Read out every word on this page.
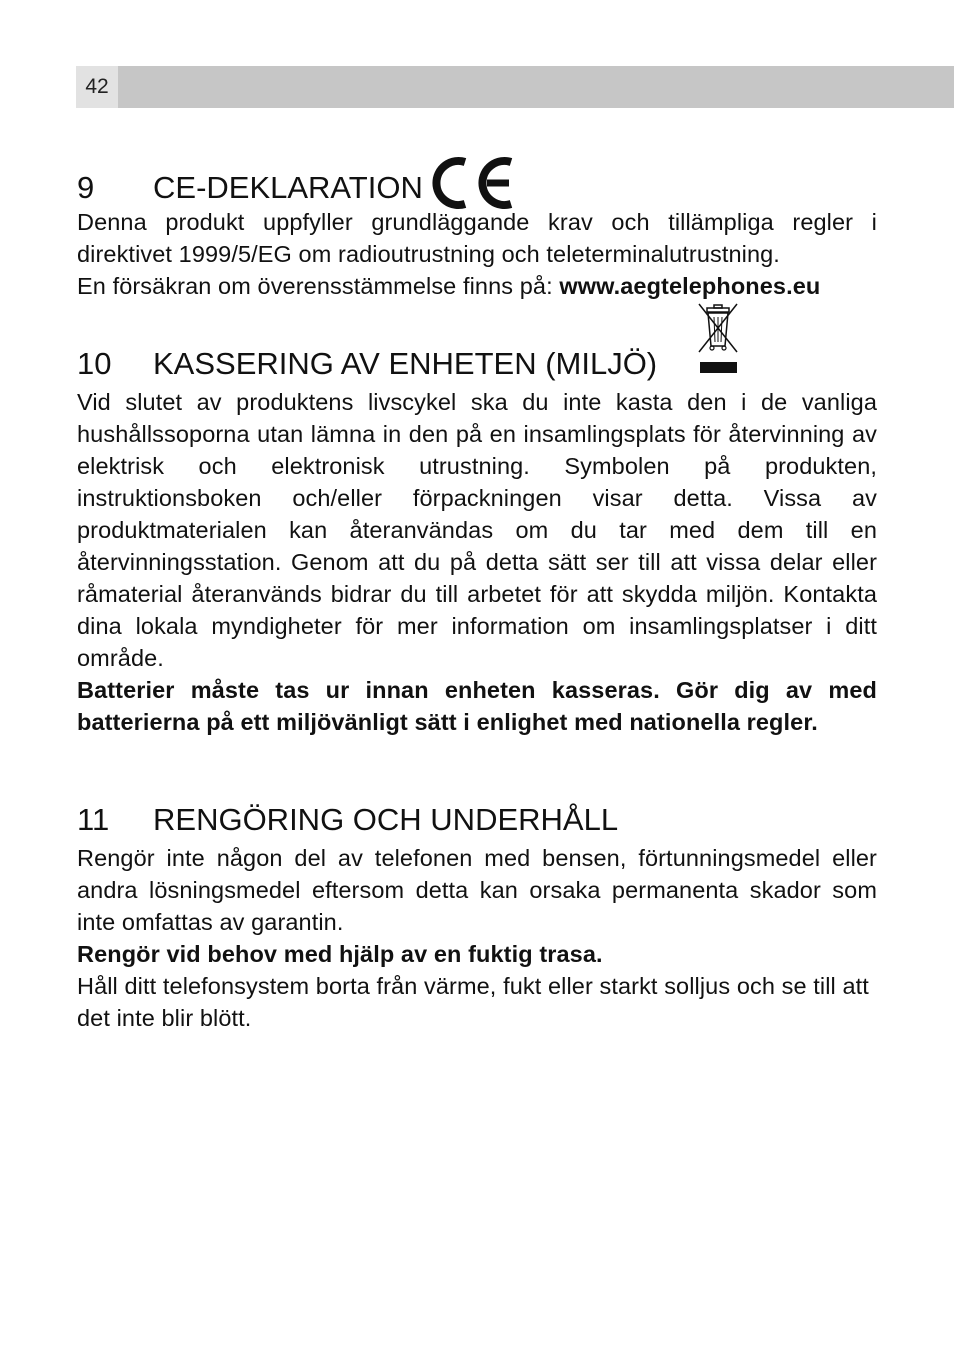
42
9	CE-DEKLARATION

Denna produkt uppfyller grundläggande krav och tillämpliga regler i direktivet 1999/5/EG om radioutrustning och teleterminalutrustning.

En försäkran om överensstämmelse finns på: www.aegtelephones.eu

10	KASSERING AV ENHETEN (MILJÖ)

Vid slutet av produktens livscykel ska du inte kasta den i de vanliga hushållssoporna utan lämna in den på en insamlingsplats för återvinning av elektrisk och elektronisk utrustning. Symbolen på produkten, instruktionsboken och/eller förpackningen visar detta. Vissa av produktmaterialen kan återanvändas om du tar med dem till en återvinningsstation. Genom att du på detta sätt ser till att vissa delar eller råmaterial återanvänds bidrar du till arbetet för att skydda miljön. Kontakta dina lokala myndigheter för mer information om insamlingsplatser i ditt område.

Batterier måste tas ur innan enheten kasseras. Gör dig av med batterierna på ett miljövänligt sätt i enlighet med nationella regler.

11	RENGÖRING OCH UNDERHÅLL

Rengör inte någon del av telefonen med bensen, förtunningsmedel eller andra lösningsmedel eftersom detta kan orsaka permanenta skador som inte omfattas av garantin.

Rengör vid behov med hjälp av en fuktig trasa.

Håll ditt telefonsystem borta från värme, fukt eller starkt solljus och se till att det inte blir blött.
